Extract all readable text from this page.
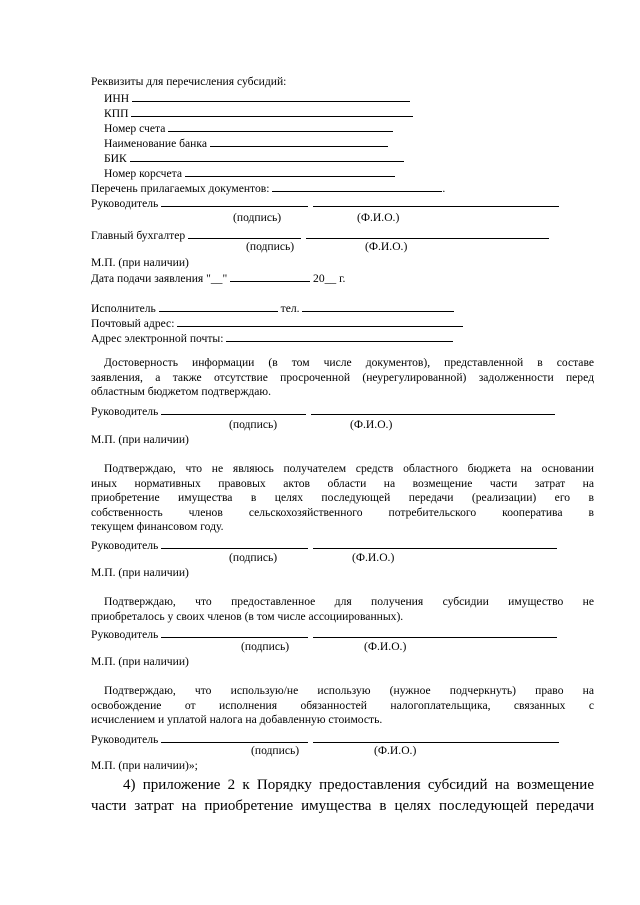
Реквизиты для перечисления субсидий:
ИНН
КПП
Номер счета
Наименование банка
БИК
Номер корсчета
Перечень прилагаемых документов:	.
Руководитель
(подпись)	(Ф.И.О.)
Главный бухгалтер
(подпись)	(Ф.И.О.)
М.П. (при наличии)
Дата подачи заявления "__"	20__ г.
Исполнитель	тел.
Почтовый адрес:
Адрес электронной почты:
Достоверность информации (в том числе документов), представленной в составе
заявления, а также отсутствие просроченной (неурегулированной) задолженности перед
областным бюджетом подтверждаю.
Руководитель
(подпись)	(Ф.И.О.)
М.П. (при наличии)
Подтверждаю, что не являюсь получателем средств областного бюджета на основании
иных нормативных правовых актов области на возмещение части затрат на
приобретение имущества в целях последующей передачи (реализации) его в
собственность членов сельскохозяйственного потребительского кооператива в
текущем финансовом году.
Руководитель
(подпись)	(Ф.И.О.)
М.П. (при наличии)
Подтверждаю, что предоставленное для получения субсидии имущество не
приобреталось у своих членов (в том числе ассоциированных).
Руководитель
(подпись)	(Ф.И.О.)
М.П. (при наличии)
Подтверждаю, что использую/не использую (нужное подчеркнуть) право на
освобождение от исполнения обязанностей налогоплательщика, связанных с
исчислением и уплатой налога на добавленную стоимость.
Руководитель
(подпись)	(Ф.И.О.)
М.П. (при наличии)»;
4) приложение 2 к Порядку предоставления субсидий на возмещение
части затрат на приобретение имущества в целях последующей передачи
